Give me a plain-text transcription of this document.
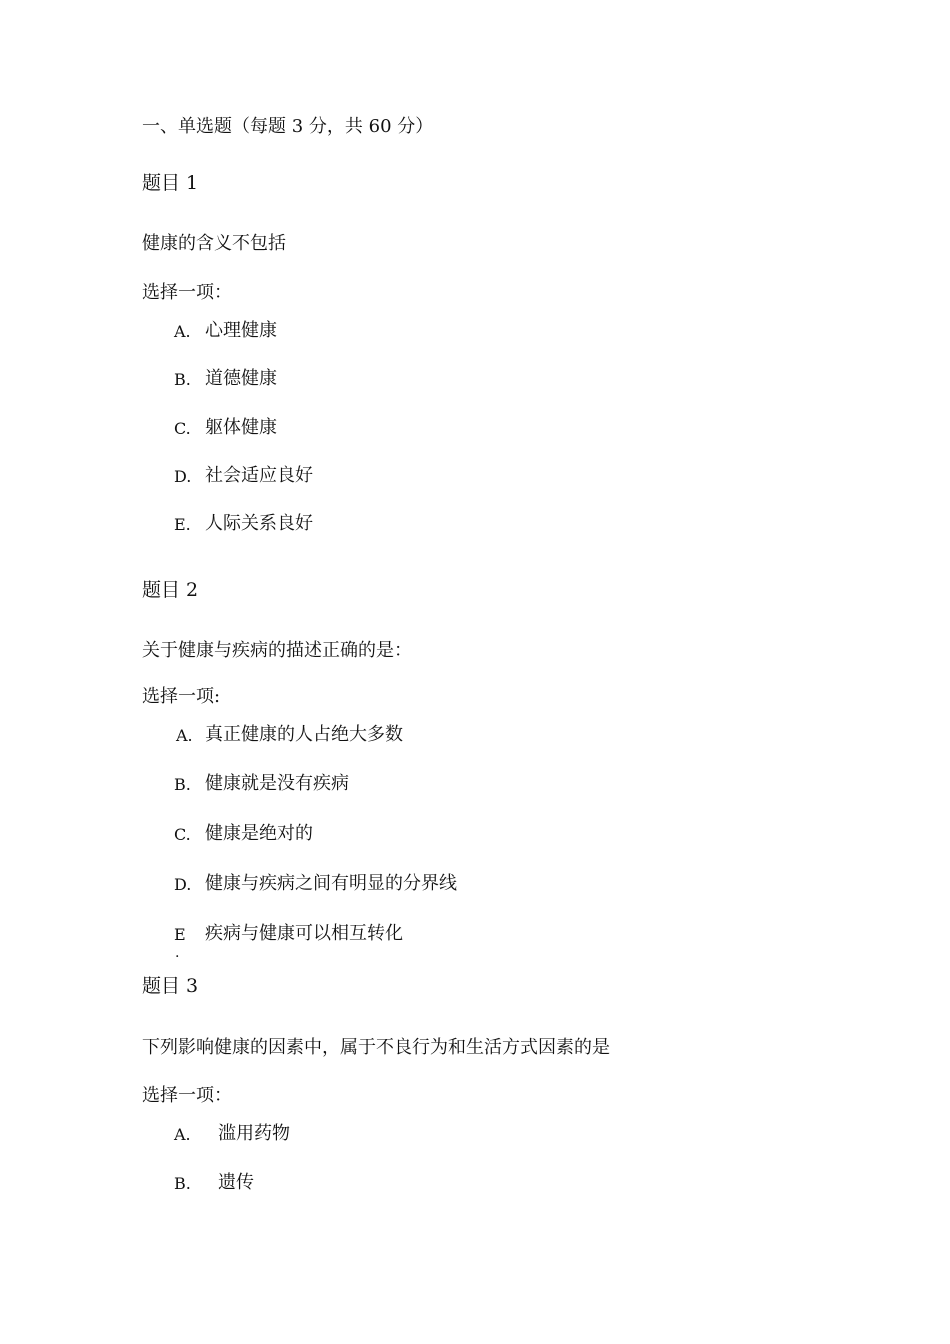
一、单选题（每题 3 分，共 60 分）
题目 1
健康的含义不包括
选择一项：
A. 心理健康
B. 道德健康
C. 躯体健康
D. 社会适应良好
E. 人际关系良好
题目 2
关于健康与疾病的描述正确的是：
选择一项:
A. 真正健康的人占绝大多数
B. 健康就是没有疾病
C. 健康是绝对的
D. 健康与疾病之间有明显的分界线
E 疾病与健康可以相互转化
.
题目 3
下列影响健康的因素中，属于不良行为和生活方式因素的是
选择一项：
A. 滥用药物
B. 遗传
